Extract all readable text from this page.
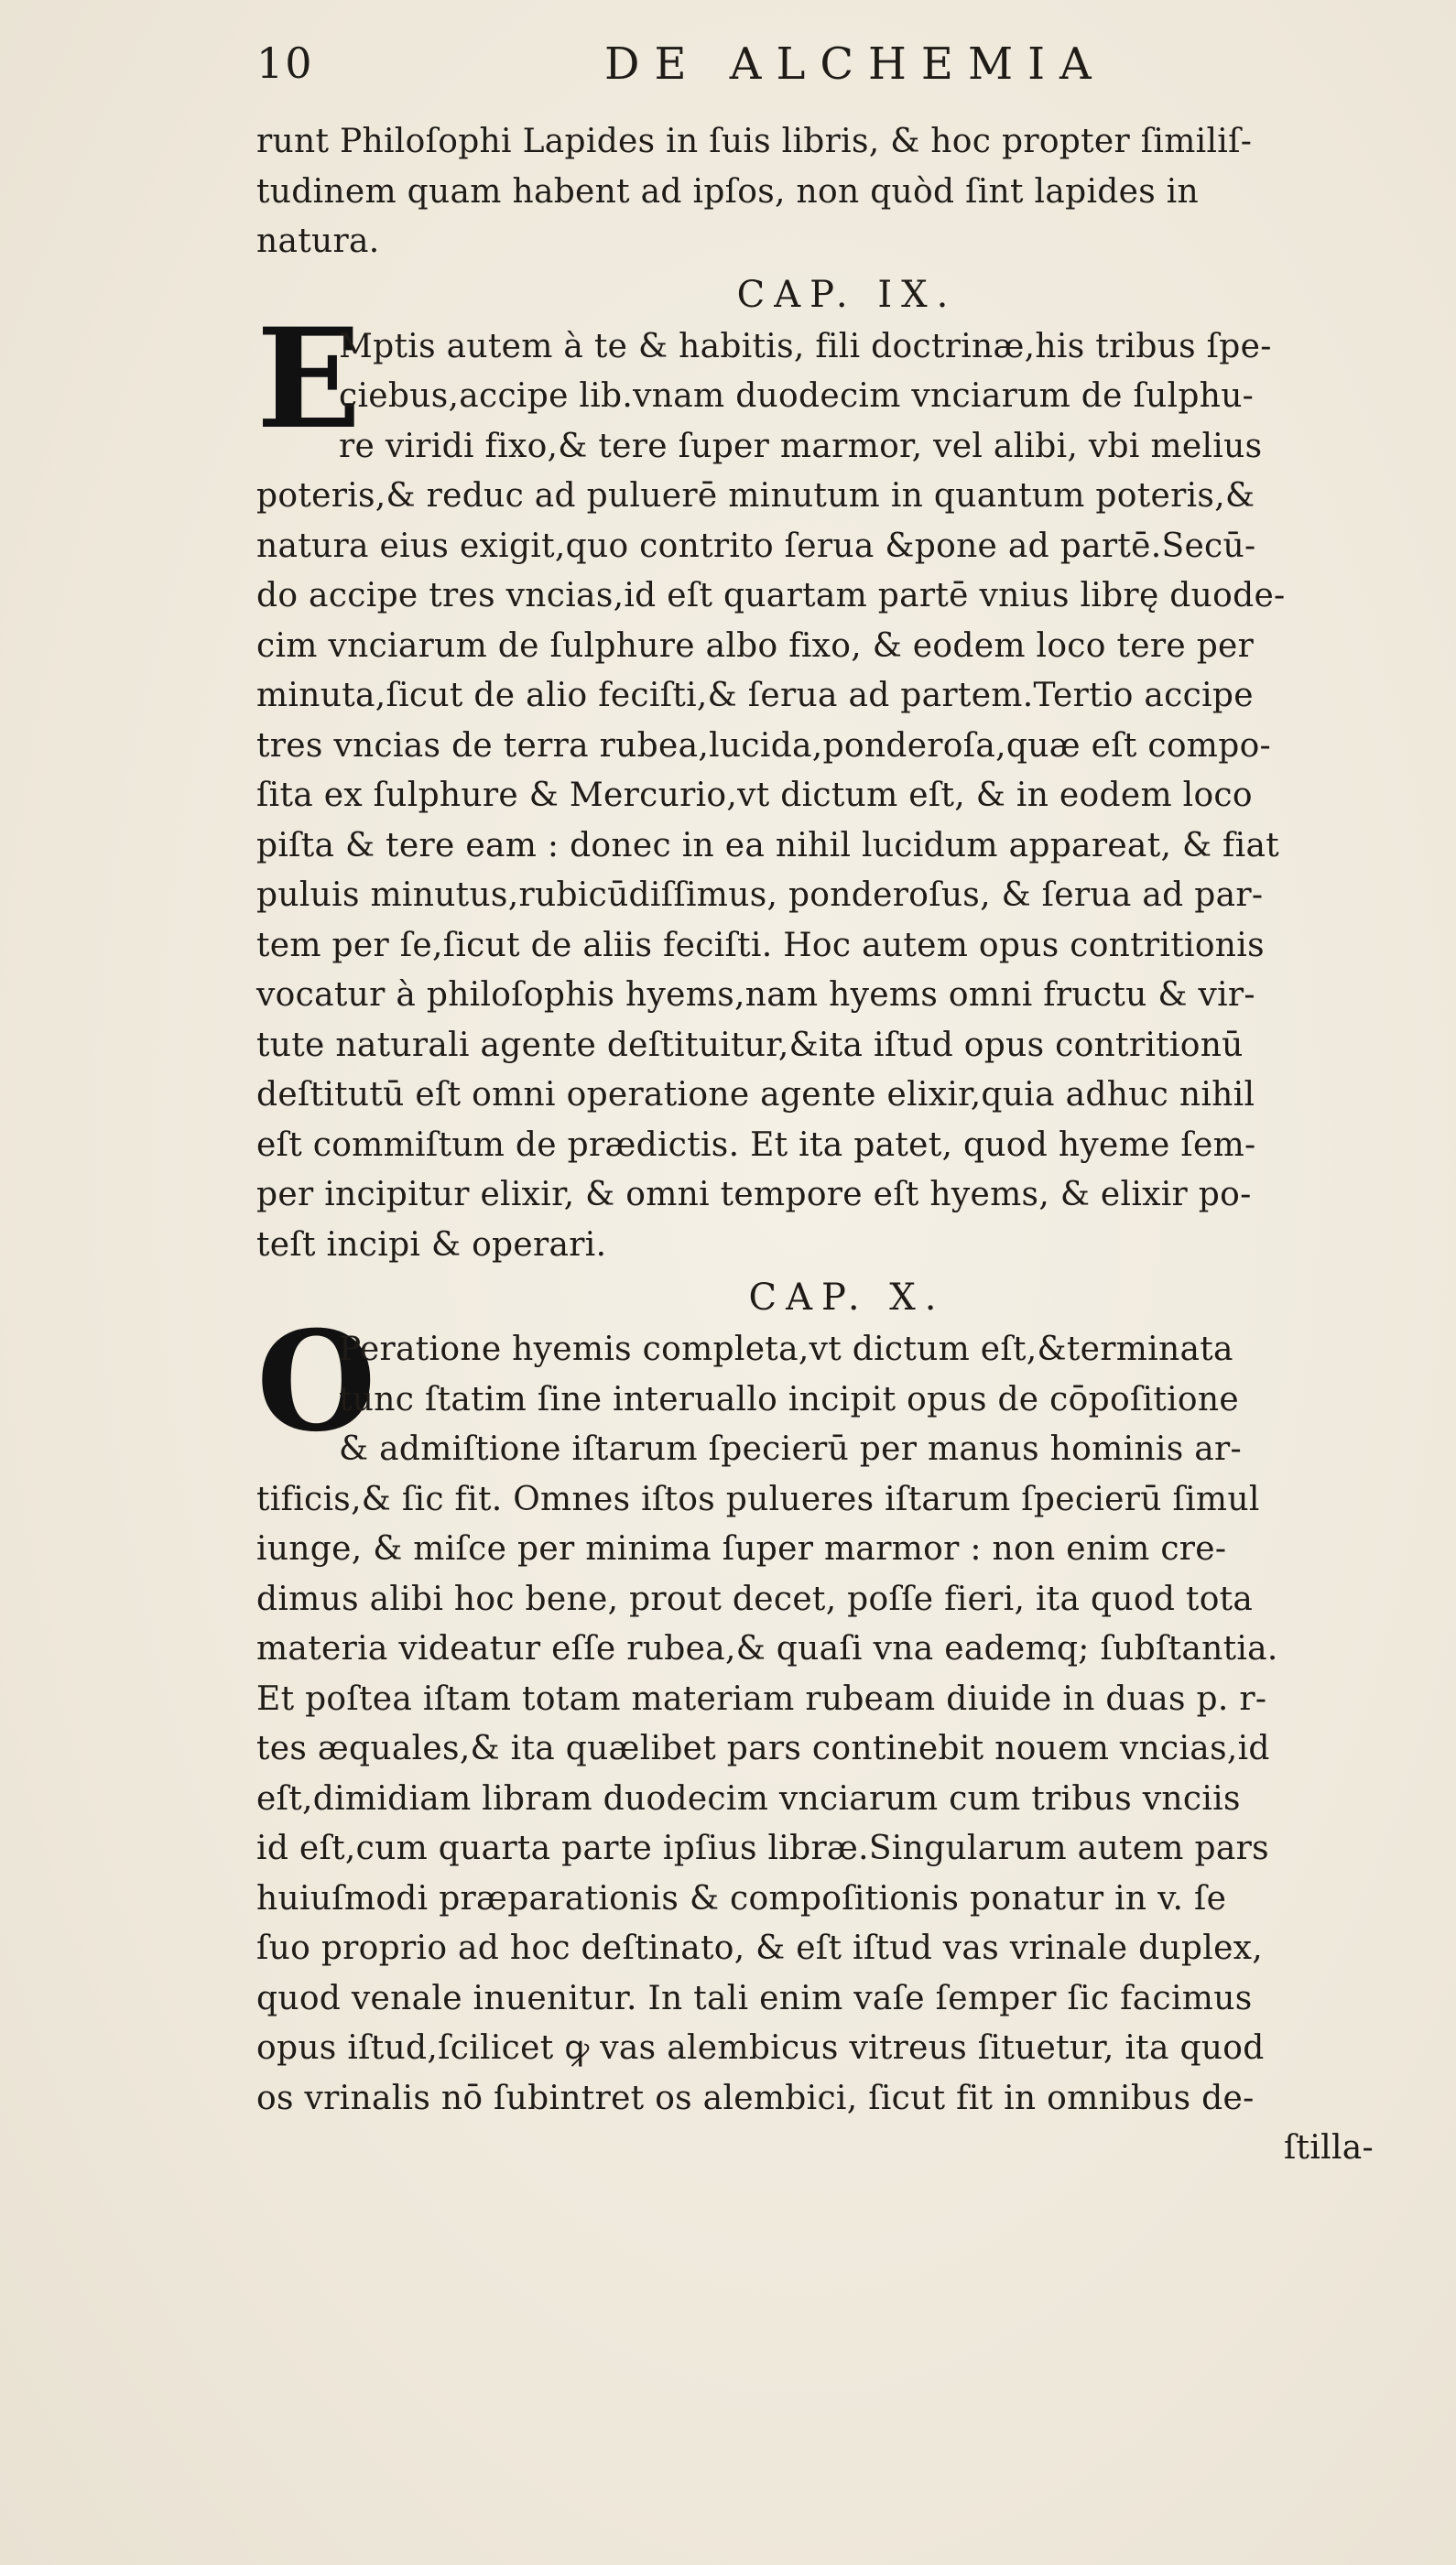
10	DE ALCHEMIA
runt Philoſophi Lapides in ſuis libris, & hoc propter ſimiliſ-
tudinem quam habent ad ipſos, non quòd ſint lapides in
natura.
CAP. IX.
E
Mptis autem à te & habitis, fili doctrinæ,his tribus ſpe-
ciebus,accipe lib.vnam duodecim vnciarum de ſulphu-
re viridi fixo,& tere ſuper marmor, vel alibi, vbi melius
poteris,& reduc ad puluerē minutum in quantum poteris,&
natura eius exigit,quo contrito ſerua &pone ad partē.Secū-
do accipe tres vncias,id eſt quartam partē vnius librę duode-
cim vnciarum de ſulphure albo fixo, & eodem loco tere per
minuta,ſicut de alio feciſti,& ſerua ad partem.Tertio accipe
tres vncias de terra rubea,lucida,ponderoſa,quæ eſt compo-
ſita ex ſulphure & Mercurio,vt dictum eſt, & in eodem loco
piſta & tere eam : donec in ea nihil lucidum appareat, & fiat
puluis minutus,rubicūdiſſimus, ponderoſus, & ſerua ad par-
tem per ſe,ſicut de aliis feciſti. Hoc autem opus contritionis
vocatur à philoſophis hyems,nam hyems omni fructu & vir-
tute naturali agente deſtituitur,&ita iſtud opus contritionū
deſtitutū eſt omni operatione agente elixir,quia adhuc nihil
eſt commiſtum de prædictis. Et ita patet, quod hyeme ſem-
per incipitur elixir, & omni tempore eſt hyems, & elixir po-
teſt incipi & operari.
CAP. X.
O
Peratione hyemis completa,vt dictum eſt,&terminata
tunc ſtatim ſine interuallo incipit opus de cōpoſitione
& admiſtione iſtarum ſpecierū per manus hominis ar-
tificis,& ſic fit. Omnes iſtos pulueres iſtarum ſpecierū ſimul
iunge, & miſce per minima ſuper marmor : non enim cre-
dimus alibi hoc bene, prout decet, poſſe fieri, ita quod tota
materia videatur eſſe rubea,& quaſi vna eademq; ſubſtantia.
Et poſtea iſtam totam materiam rubeam diuide in duas p. r-
tes æquales,& ita quælibet pars continebit nouem vncias,id
eſt,dimidiam libram duodecim vnciarum cum tribus vnciis
id eſt,cum quarta parte ipſius libræ.Singularum autem pars
huiuſmodi præparationis & compoſitionis ponatur in v. ſe
ſuo proprio ad hoc deſtinato, & eſt iſtud vas vrinale duplex,
quod venale inuenitur. In tali enim vaſe ſemper ſic facimus
opus iſtud,ſcilicet ꝙ vas alembicus vitreus ſituetur, ita quod
os vrinalis nō ſubintret os alembici, ſicut fit in omnibus de-
ſtilla-
